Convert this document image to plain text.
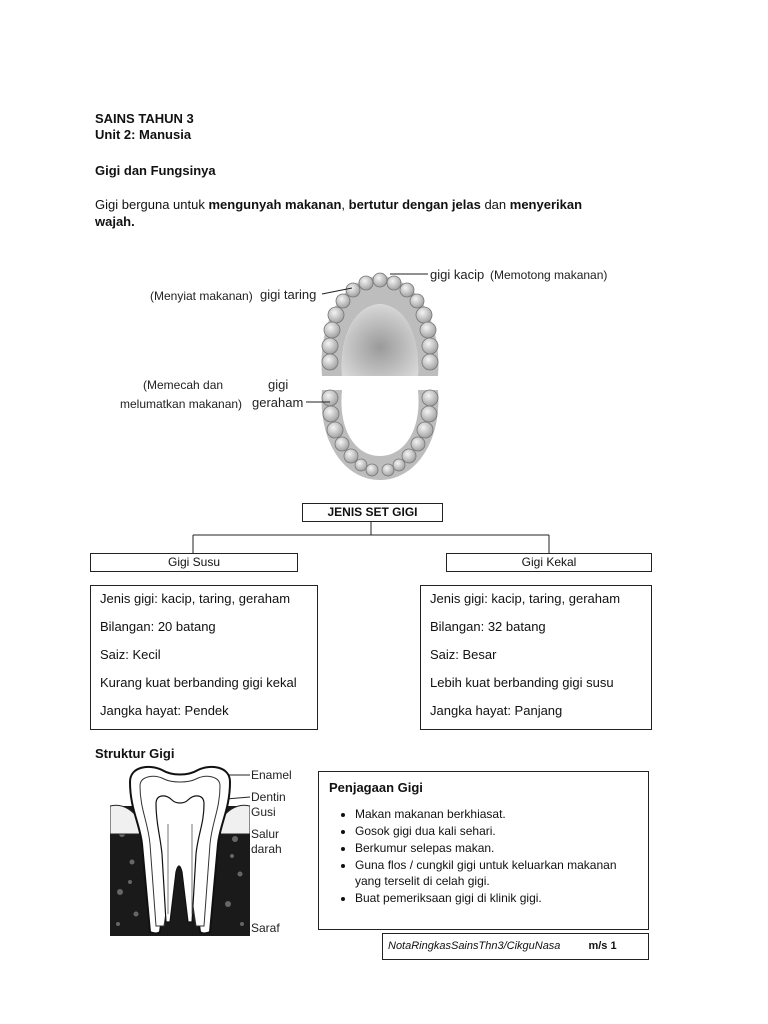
SAINS TAHUN 3
Unit 2: Manusia
Gigi dan Fungsinya
Gigi berguna untuk mengunyah makanan, bertutur dengan jelas dan menyerikan
wajah.
(Menyiat makanan) gigi taring
gigi kacip (Memotong makanan)
(Memecah dan
melumatkan makanan)
gigi
geraham
JENIS SET GIGI
Gigi Susu	Gigi Kekal
Jenis gigi: kacip, taring, geraham
Bilangan: 20 batang
Saiz: Kecil
Kurang kuat berbanding gigi kekal
Jangka hayat: Pendek
Jenis gigi: kacip, taring, geraham
Bilangan: 32 batang
Saiz: Besar
Lebih kuat berbanding gigi susu
Jangka hayat: Panjang
Struktur Gigi
Enamel
Dentin
Gusi
Salur
darah
Saraf
Penjagaan Gigi
• Makan makanan berkhiasat.
• Gosok gigi dua kali sehari.
• Berkumur selepas makan.
• Guna flos / cungkil gigi untuk keluarkan makanan yang terselit di celah gigi.
• Buat pemeriksaan gigi di klinik gigi.
NotaRingkasSainsThn3/CikguNasa	m/s 1
